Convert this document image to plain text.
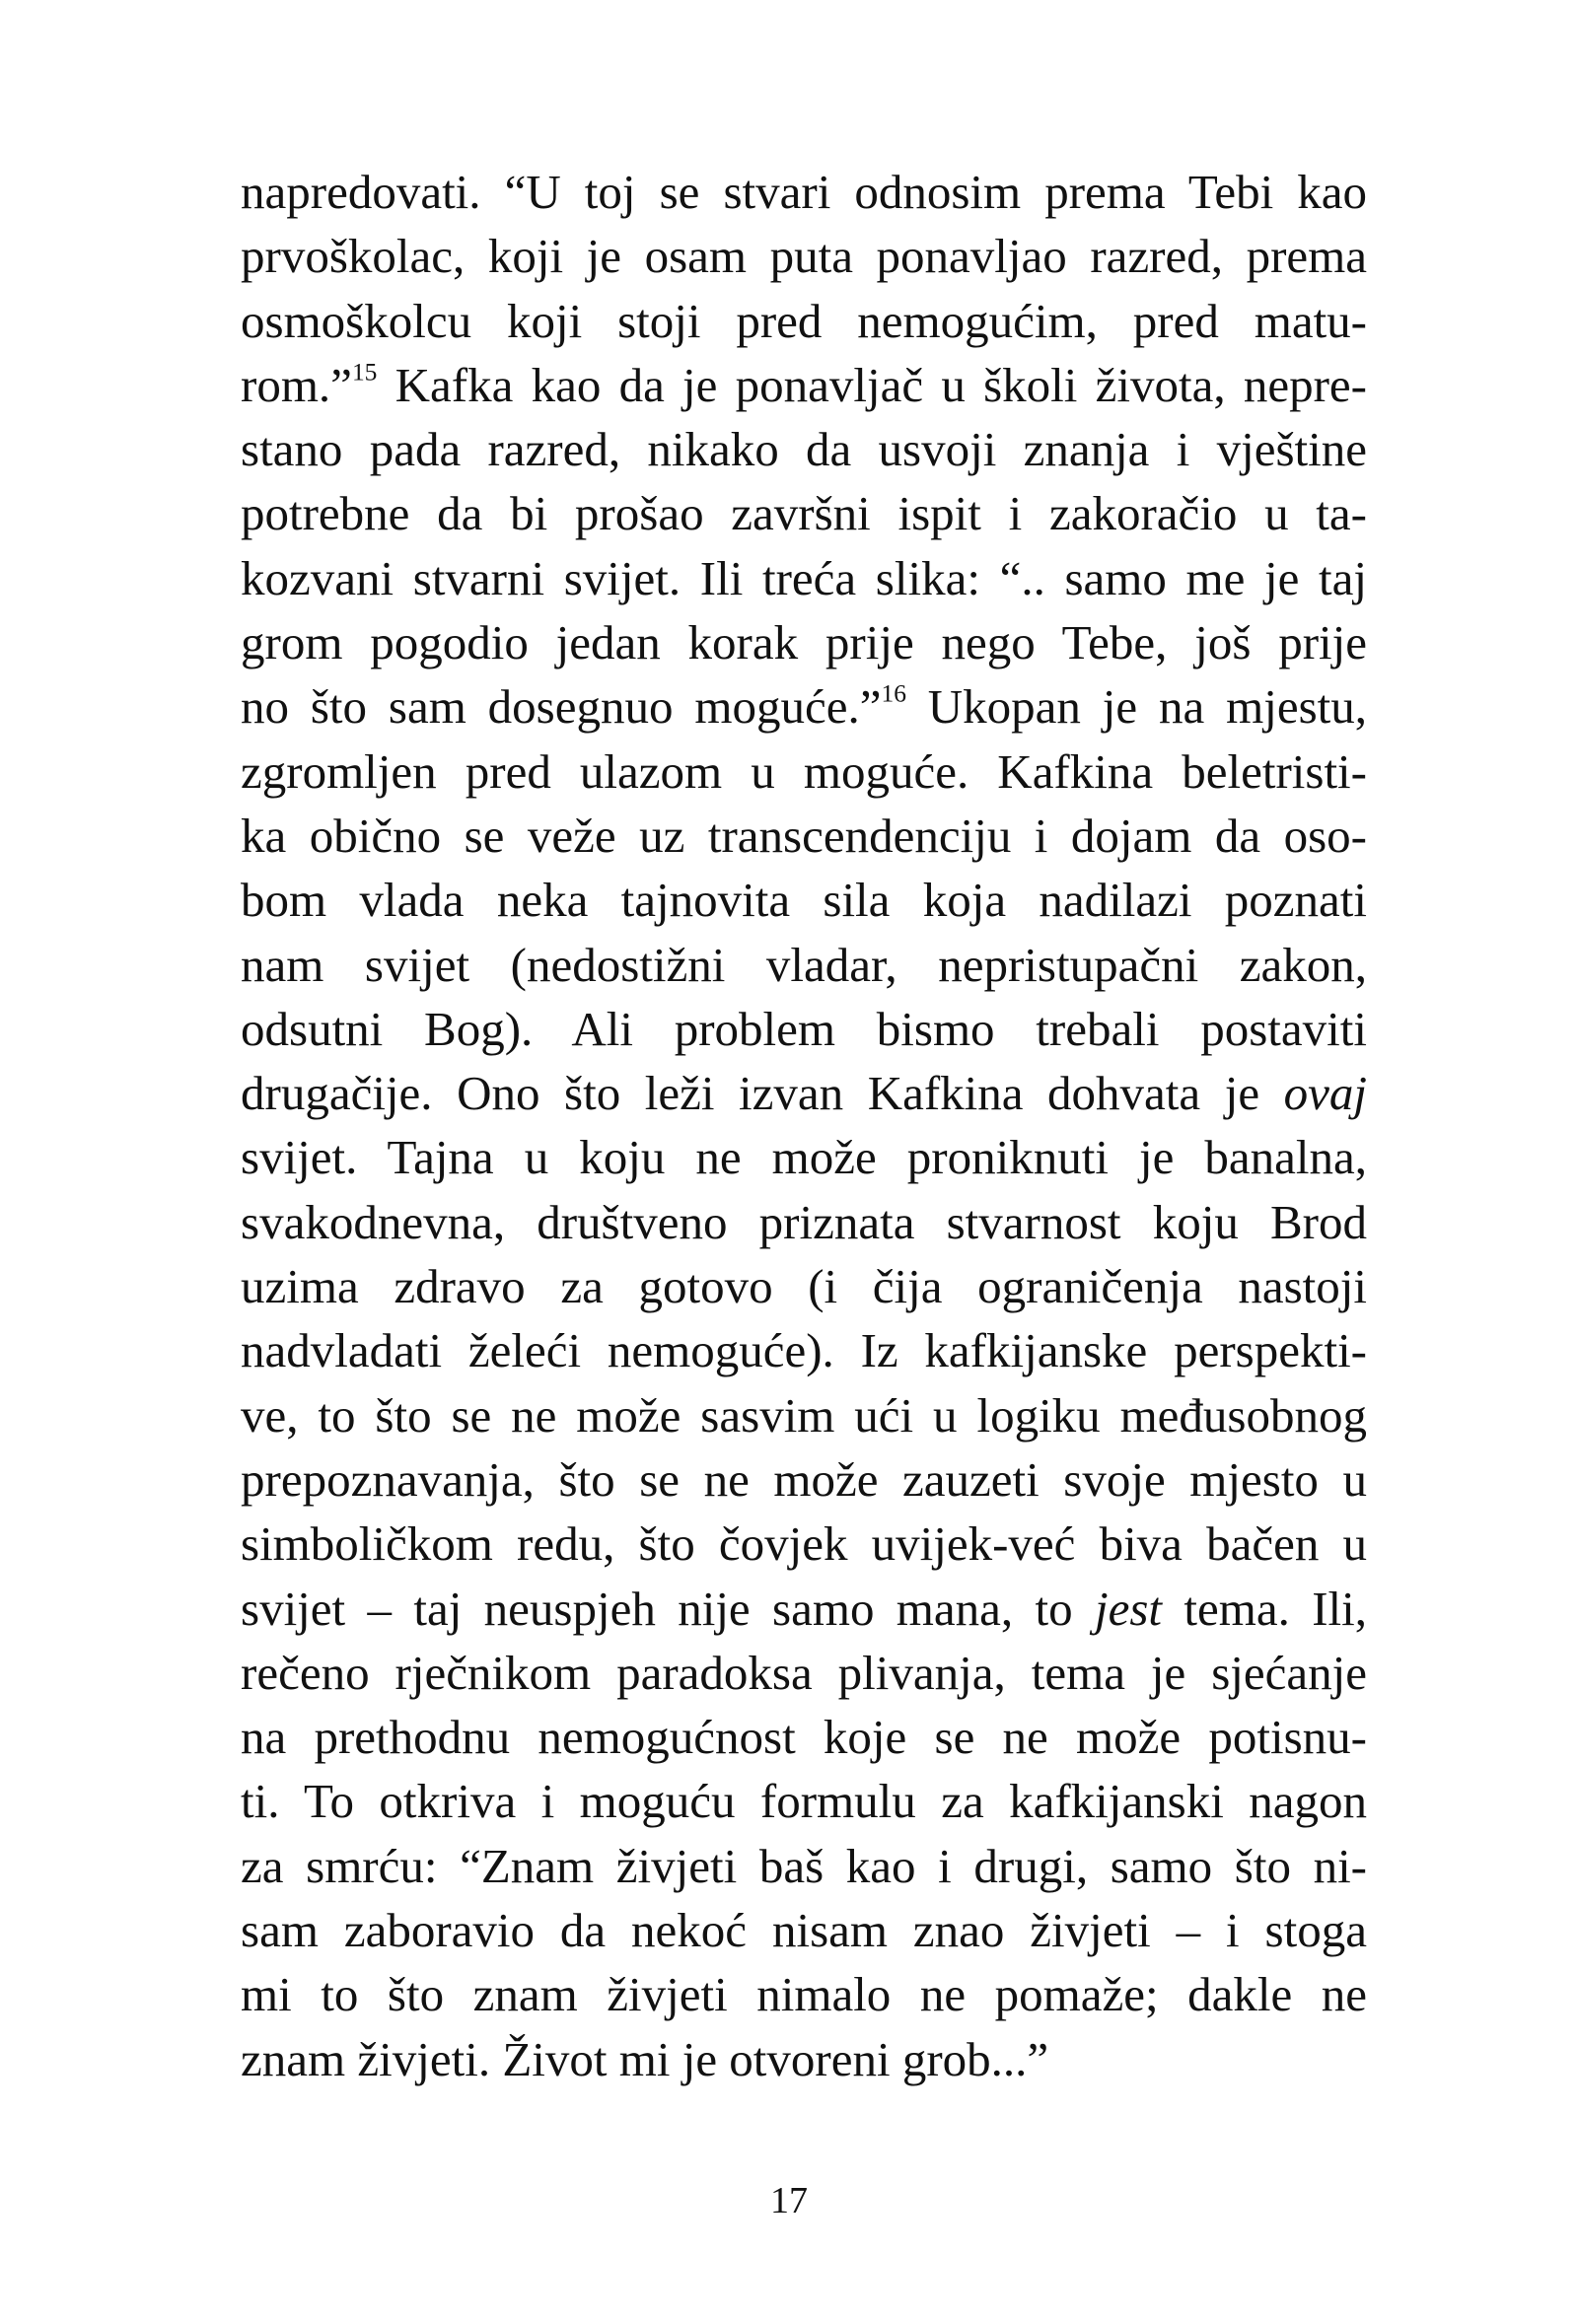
napredovati. “U toj se stvari odnosim prema Tebi kao
prvoškolac, koji je osam puta ponavljao razred, prema
osmoškolcu koji stoji pred nemogućim, pred matu-
rom.”$^{15}$ Kafka kao da je ponavljač u školi života, nepre-
stano pada razred, nikako da usvoji znanja i vještine
potrebne da bi prošao završni ispit i zakoračio u ta-
kozvani stvarni svijet. Ili treća slika: “.. samo me je taj
grom pogodio jedan korak prije nego Tebe, još prije
no što sam dosegnuo moguće.”$^{16}$ Ukopan je na mjestu,
zgromljen pred ulazom u moguće. Kafkina beletristi-
ka obično se veže uz transcendenciju i dojam da oso-
bom vlada neka tajnovita sila koja nadilazi poznati
nam svijet (nedostižni vladar, nepristupačni zakon,
odsutni Bog). Ali problem bismo trebali postaviti
drugačije. Ono što leži izvan Kafkina dohvata je ovaj
svijet. Tajna u koju ne može proniknuti je banalna,
svakodnevna, društveno priznata stvarnost koju Brod
uzima zdravo za gotovo (i čija ograničenja nastoji
nadvladati želeći nemoguće). Iz kafkijanske perspekti-
ve, to što se ne može sasvim ući u logiku međusobnog
prepoznavanja, što se ne može zauzeti svoje mjesto u
simboličkom redu, što čovjek uvijek-već biva bačen u
svijet – taj neuspjeh nije samo mana, to jest tema. Ili,
rečeno rječnikom paradoksa plivanja, tema je sjećanje
na prethodnu nemogućnost koje se ne može potisnu-
ti. To otkriva i moguću formulu za kafkijanski nagon
za smrću: “Znam živjeti baš kao i drugi, samo što ni-
sam zaboravio da nekoć nisam znao živjeti – i stoga
mi to što znam živjeti nimalo ne pomaže; dakle ne
znam živjeti. Život mi je otvoreni grob...”
17
